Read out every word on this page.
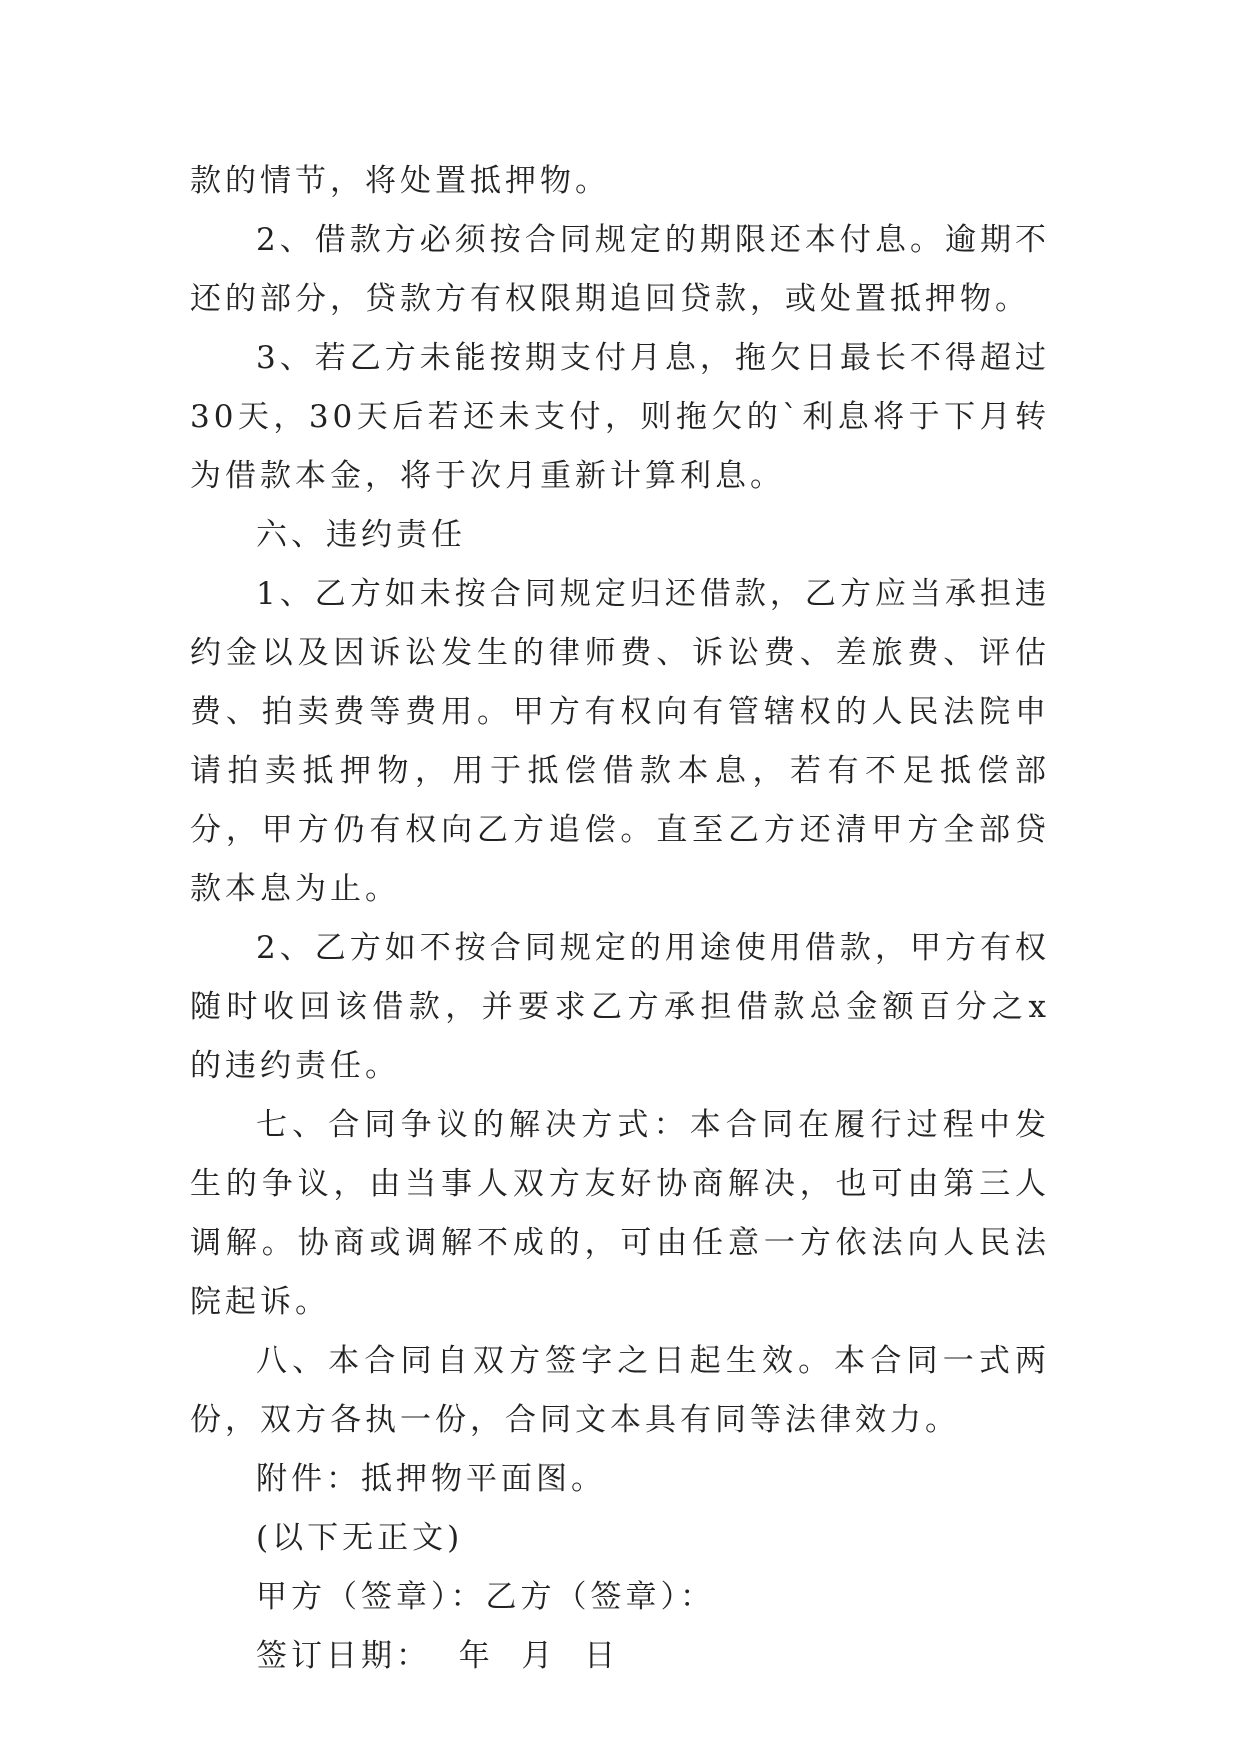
款的情节，将处置抵押物。

2、借款方必须按合同规定的期限还本付息。逾期不还的部分，贷款方有权限期追回贷款，或处置抵押物。

3、若乙方未能按期支付月息，拖欠日最长不得超过30天，30天后若还未支付，则拖欠的`利息将于下月转为借款本金，将于次月重新计算利息。

六、违约责任

1、乙方如未按合同规定归还借款，乙方应当承担违约金以及因诉讼发生的律师费、诉讼费、差旅费、评估费、拍卖费等费用。甲方有权向有管辖权的人民法院申请拍卖抵押物，用于抵偿借款本息，若有不足抵偿部分，甲方仍有权向乙方追偿。直至乙方还清甲方全部贷款本息为止。

2、乙方如不按合同规定的用途使用借款，甲方有权随时收回该借款，并要求乙方承担借款总金额百分之x的违约责任。

七、合同争议的解决方式：本合同在履行过程中发生的争议，由当事人双方友好协商解决，也可由第三人调解。协商或调解不成的，可由任意一方依法向人民法院起诉。

八、本合同自双方签字之日起生效。本合同一式两份，双方各执一份，合同文本具有同等法律效力。

附件：抵押物平面图。

(以下无正文)

甲方（签章）：乙方（签章）：

签订日期：  年  月  日
